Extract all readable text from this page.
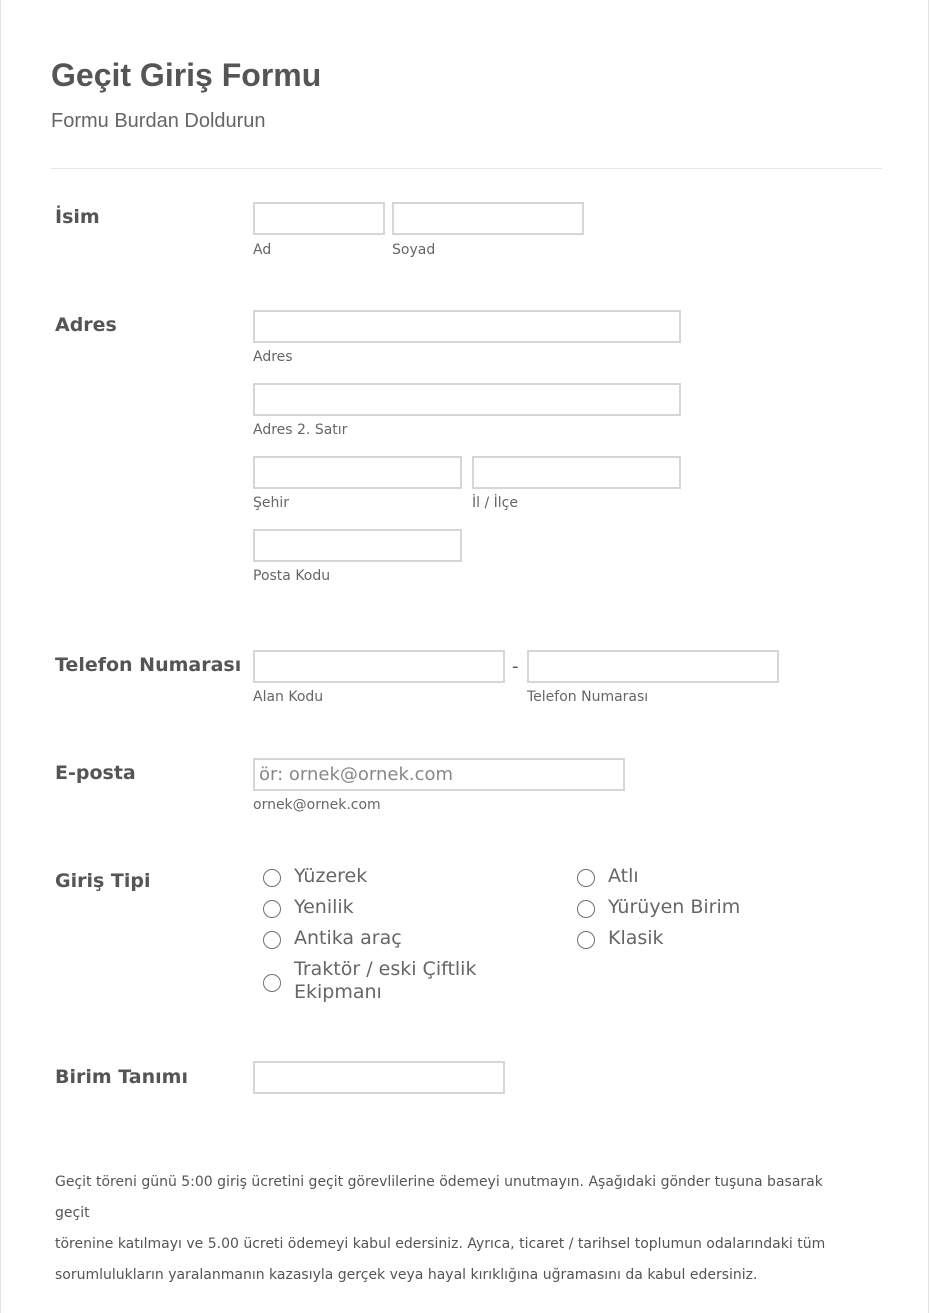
Geçit Giriş Formu
Formu Burdan Doldurun
İsim
Ad	Soyad
Adres
Adres
Adres 2. Satır
Şehir	İl / İlçe
Posta Kodu
Telefon Numarası	-
Alan Kodu	Telefon Numarası
E-posta	ör: ornek@ornek.com
ornek@ornek.com
Giriş Tipi	Yüzerek
Yenilik
Antika araç
Traktör / eski Çiftlik
Ekipmanı
Atlı
Yürüyen Birim
Klasik
Birim Tanımı
Geçit töreni günü 5:00 giriş ücretini geçit görevlilerine ödemeyi unutmayın. Aşağıdaki gönder tuşuna basarak geçit
törenine katılmayı ve 5.00 ücreti ödemeyi kabul edersiniz. Ayrıca, ticaret / tarihsel toplumun odalarındaki tüm
sorumlulukların yaralanmanın kazasıyla gerçek veya hayal kırıklığına uğramasını da kabul edersiniz.
